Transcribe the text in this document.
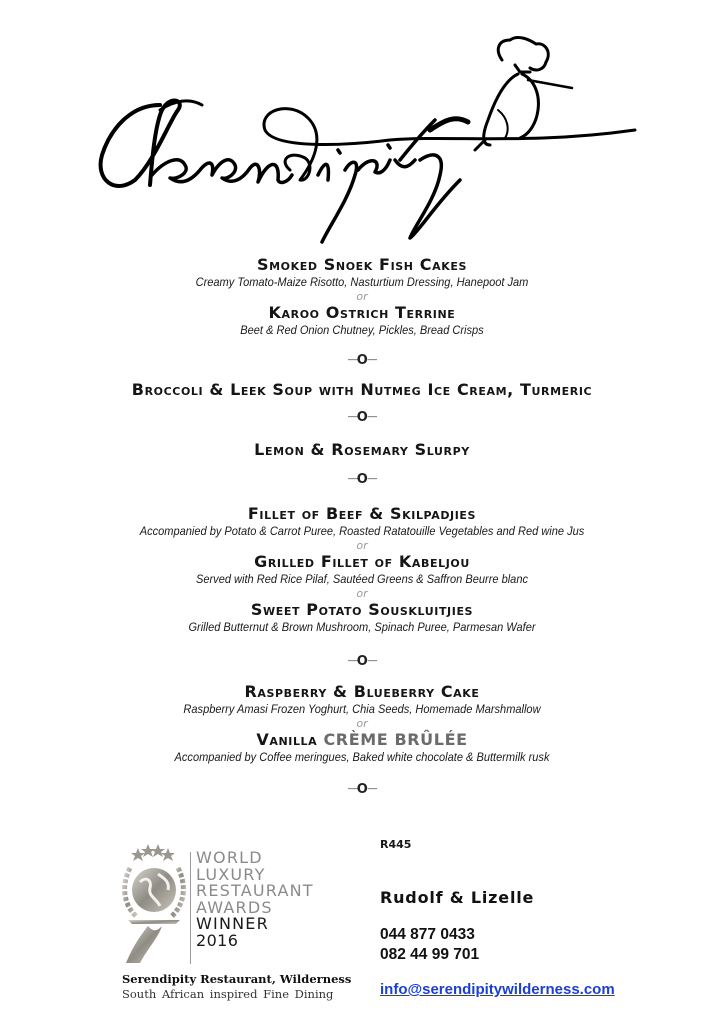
Smoked Snoek Fish Cakes
Creamy Tomato-Maize Risotto, Nasturtium Dressing, Hanepoot Jam
or
Karoo Ostrich Terrine
Beet & Red Onion Chutney, Pickles, Bread Crisps
------O------
Broccoli & Leek Soup with Nutmeg Ice Cream, Turmeric
------O------
Lemon & Rosemary Slurpy
------O------
Fillet of Beef & Skilpadjies
Accompanied by Potato & Carrot Puree, Roasted Ratatouille Vegetables and Red wine Jus
or
Grilled Fillet of Kabeljou
Served with Red Rice Pilaf, Sautéed Greens & Saffron Beurre blanc
or
Sweet Potato Souskluitjies
Grilled Butternut & Brown Mushroom, Spinach Puree, Parmesan Wafer
------O------
Raspberry & Blueberry Cake
Raspberry Amasi Frozen Yoghurt, Chia Seeds, Homemade Marshmallow
or
Vanilla CRÈME BRÛLÉE
Accompanied by Coffee meringues, Baked white chocolate & Buttermilk rusk
------O------
R445
WORLD
LUXURY
RESTAURANT
AWARDS
WINNER
2016
Serendipity Restaurant, Wilderness
South African inspired Fine Dining
Rudolf & Lizelle
044 877 0433
082 44 99 701
info@serendipitywilderness.com
